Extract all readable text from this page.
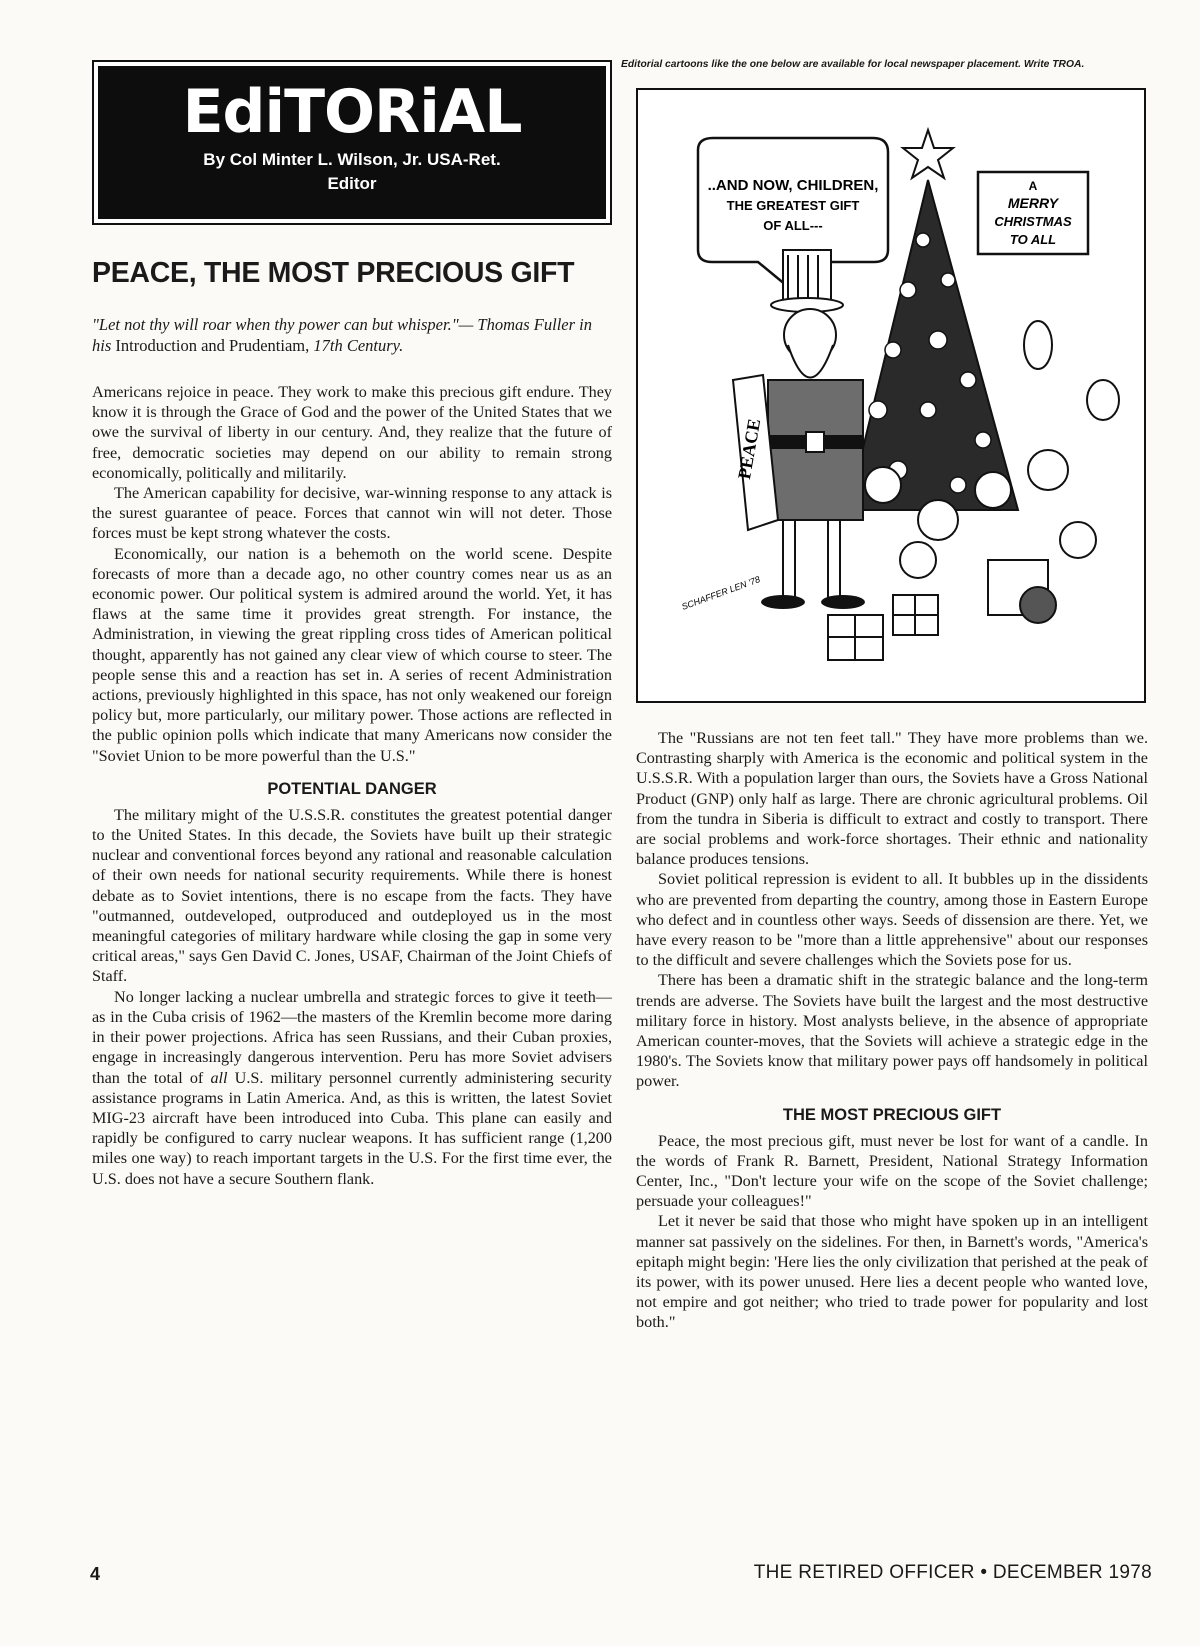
EdiTORiAL
By Col Minter L. Wilson, Jr. USA-Ret.
Editor
PEACE, THE MOST PRECIOUS GIFT
"Let not thy will roar when thy power can but whisper."— Thomas Fuller in his Introduction and Prudentiam, 17th Century.

Americans rejoice in peace. They work to make this precious gift endure. They know it is through the Grace of God and the power of the United States that we owe the survival of liberty in our century. And, they realize that the future of free, democratic societies may depend on our ability to remain strong economically, politically and militarily.

The American capability for decisive, war-winning response to any attack is the surest guarantee of peace. Forces that cannot win will not deter. Those forces must be kept strong whatever the costs.

Economically, our nation is a behemoth on the world scene. Despite forecasts of more than a decade ago, no other country comes near us as an economic power. Our political system is admired around the world. Yet, it has flaws at the same time it provides great strength. For instance, the Administration, in viewing the great rippling cross tides of American political thought, apparently has not gained any clear view of which course to steer. The people sense this and a reaction has set in. A series of recent Administration actions, previously highlighted in this space, has not only weakened our foreign policy but, more particularly, our military power. Those actions are reflected in the public opinion polls which indicate that many Americans now consider the "Soviet Union to be more powerful than the U.S."

POTENTIAL DANGER

The military might of the U.S.S.R. constitutes the greatest potential danger to the United States. In this decade, the Soviets have built up their strategic nuclear and conventional forces beyond any rational and reasonable calculation of their own needs for national security requirements. While there is honest debate as to Soviet intentions, there is no escape from the facts. They have "outmanned, outdeveloped, outproduced and outdeployed us in the most meaningful categories of military hardware while closing the gap in some very critical areas," says Gen David C. Jones, USAF, Chairman of the Joint Chiefs of Staff.

No longer lacking a nuclear umbrella and strategic forces to give it teeth—as in the Cuba crisis of 1962—the masters of the Kremlin become more daring in their power projections. Africa has seen Russians, and their Cuban proxies, engage in increasingly dangerous intervention. Peru has more Soviet advisers than the total of all U.S. military personnel currently administering security assistance programs in Latin America. And, as this is written, the latest Soviet MIG-23 aircraft have been introduced into Cuba. This plane can easily and rapidly be configured to carry nuclear weapons. It has sufficient range (1,200 miles one way) to reach important targets in the U.S. For the first time ever, the U.S. does not have a secure Southern flank.

Editorial cartoons like the one below are available for local newspaper placement. Write TROA.
..AND NOW, CHILDREN,
THE GREATEST GIFT
OF ALL---
A
MERRY
CHRISTMAS
TO ALL
PEACE
SCHAFFER LEN '78

The "Russians are not ten feet tall." They have more problems than we. Contrasting sharply with America is the economic and political system in the U.S.S.R. With a population larger than ours, the Soviets have a Gross National Product (GNP) only half as large. There are chronic agricultural problems. Oil from the tundra in Siberia is difficult to extract and costly to transport. There are social problems and work-force shortages. Their ethnic and nationality balance produces tensions.

Soviet political repression is evident to all. It bubbles up in the dissidents who are prevented from departing the country, among those in Eastern Europe who defect and in countless other ways. Seeds of dissension are there. Yet, we have every reason to be "more than a little apprehensive" about our responses to the difficult and severe challenges which the Soviets pose for us.

There has been a dramatic shift in the strategic balance and the long-term trends are adverse. The Soviets have built the largest and the most destructive military force in history. Most analysts believe, in the absence of appropriate American counter-moves, that the Soviets will achieve a strategic edge in the 1980's. The Soviets know that military power pays off handsomely in political power.

THE MOST PRECIOUS GIFT

Peace, the most precious gift, must never be lost for want of a candle. In the words of Frank R. Barnett, President, National Strategy Information Center, Inc., "Don't lecture your wife on the scope of the Soviet challenge; persuade your colleagues!"

Let it never be said that those who might have spoken up in an intelligent manner sat passively on the sidelines. For then, in Barnett's words, "America's epitaph might begin: 'Here lies the only civilization that perished at the peak of its power, with its power unused. Here lies a decent people who wanted love, not empire and got neither; who tried to trade power for popularity and lost both."

4	THE RETIRED OFFICER • DECEMBER 1978
